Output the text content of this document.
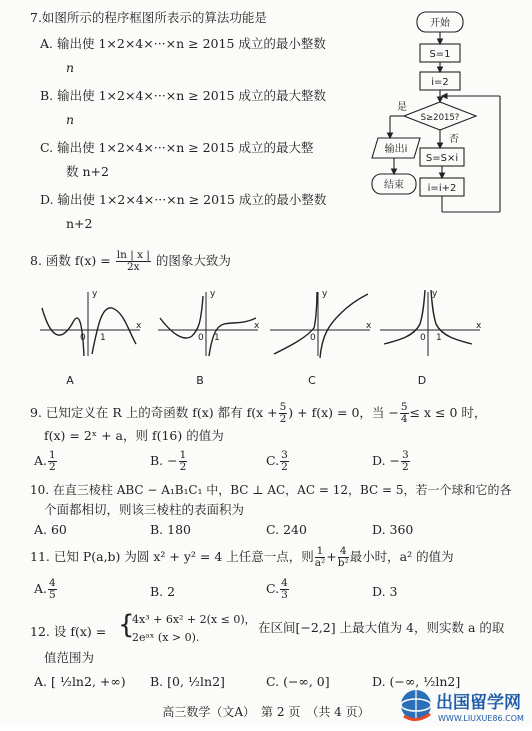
7.如图所示的程序框图所表示的算法功能是
A. 输出使 1×2×4×···×n ≥ 2015 成立的最小整数
n
B. 输出使 1×2×4×···×n ≥ 2015 成立的最大整数
n
C. 输出使 1×2×4×···×n ≥ 2015 成立的最大整
数 n+2
D. 输出使 1×2×4×···×n ≥ 2015 成立的最小整数
n+2
开始
S=1
i=2
S≥2015?
是
否
输出i
结束
S=S×i
i=i+2
8. 函数 $f(x) = \frac{\ln | x |}{2x}$ 的图象大致为
y
x
0 1
y
x
0 1
y
x
0
y
x
0 1
A	B	C	D
9. 已知定义在 R 上的奇函数 f(x) 都有 $f(x + \frac{5}{2}$ ) + f(x) = 0，当 − $\frac{5}{4} \le x \le 0$ 时，
f(x) = 2ˣ + a，则 f(16) 的值为
A. $\frac{1}{2}$	B. − $\frac{1}{2}$	C. $\frac{3}{2}$	D. − $\frac{3}{2}$
10. 在直三棱柱 ABC − A₁B₁C₁ 中，BC ⊥ AC，AC = 12，BC = 5，若一个球和它的各
个面都相切，则该三棱柱的表面积为
A. 60	B. 180	C. 240	D. 360
11. 已知 P(a,b) 为圆 x² + y² = 4 上任意一点，则 $\frac{1}{\text{a²}} + \frac{4}{\text{b²}}$ 最小时，a² 的值为
A. $\frac{4}{5}$	B. 2	C. $\frac{4}{3}$	D. 3
12. 设 f(x) = {
4x³ + 6x² + 2(x ≤ 0)，
2eᵃˣ (x > 0).
在区间[−2,2] 上最大值为 4，则实数 a 的取
值范围为
A. [ ½ln2, +∞) B. [0, ½ln2]	C. (−∞, 0]	D. (−∞, ½ln2]
高三数学（文A）　第 2 页　（共 4 页）	出国留学网
WWW.LIUXUE86.COM
